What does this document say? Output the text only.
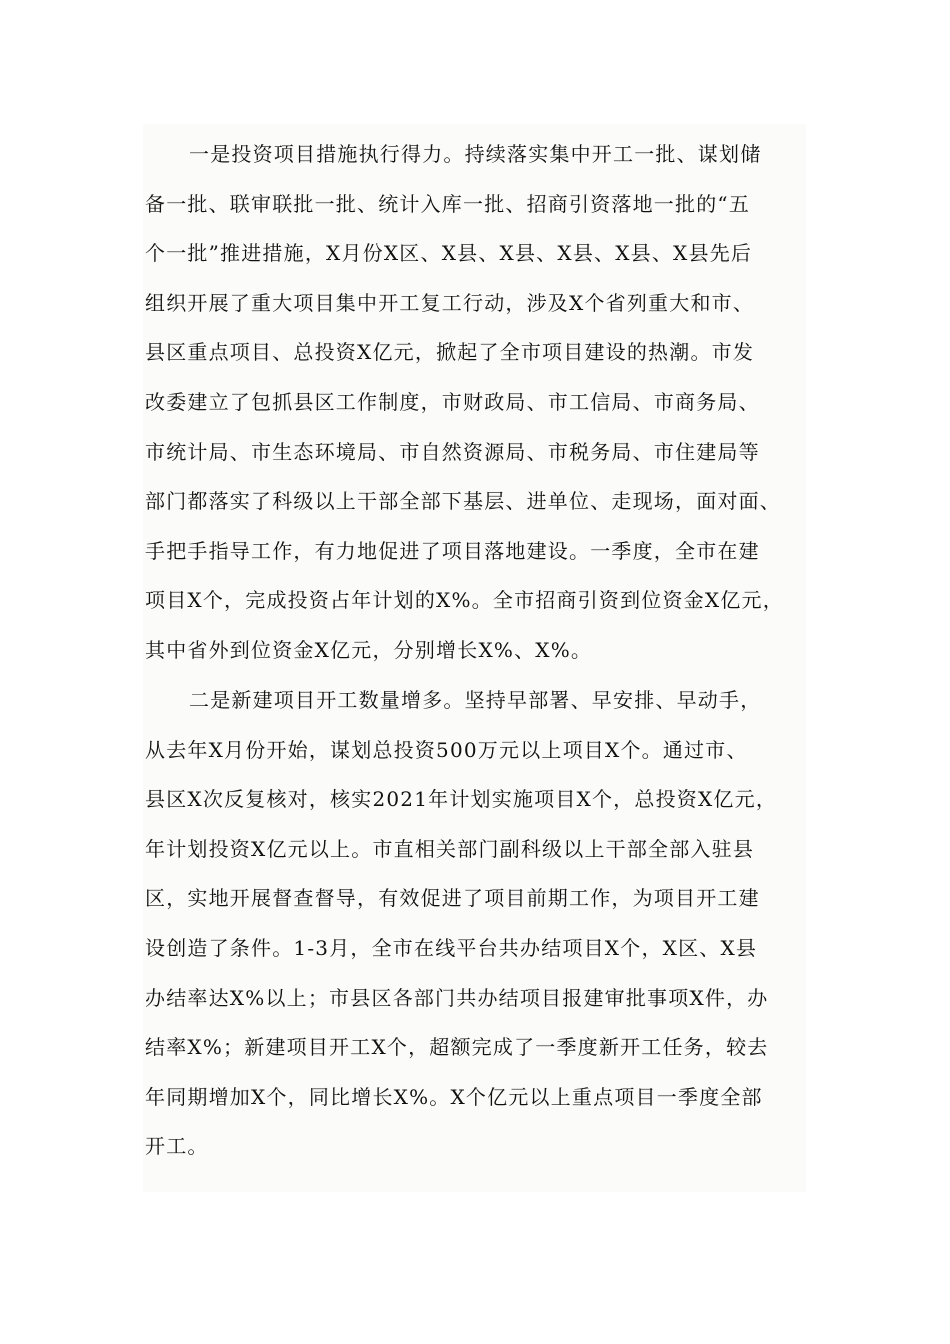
一是投资项目措施执行得力。持续落实集中开工一批、谋划储
备一批、联审联批一批、统计入库一批、招商引资落地一批的“五
个一批”推进措施，X月份X区、X县、X县、X县、X县、X县先后
组织开展了重大项目集中开工复工行动，涉及X个省列重大和市、
县区重点项目、总投资X亿元，掀起了全市项目建设的热潮。市发
改委建立了包抓县区工作制度，市财政局、市工信局、市商务局、
市统计局、市生态环境局、市自然资源局、市税务局、市住建局等
部门都落实了科级以上干部全部下基层、进单位、走现场，面对面、
手把手指导工作，有力地促进了项目落地建设。一季度，全市在建
项目X个，完成投资占年计划的X%。全市招商引资到位资金X亿元，
其中省外到位资金X亿元，分别增长X%、X%。
二是新建项目开工数量增多。坚持早部署、早安排、早动手，
从去年X月份开始，谋划总投资500万元以上项目X个。通过市、
县区X次反复核对，核实2021年计划实施项目X个，总投资X亿元，
年计划投资X亿元以上。市直相关部门副科级以上干部全部入驻县
区，实地开展督查督导，有效促进了项目前期工作，为项目开工建
设创造了条件。1-3月，全市在线平台共办结项目X个，X区、X县
办结率达X%以上；市县区各部门共办结项目报建审批事项X件，办
结率X%；新建项目开工X个，超额完成了一季度新开工任务，较去
年同期增加X个，同比增长X%。X个亿元以上重点项目一季度全部
开工。
